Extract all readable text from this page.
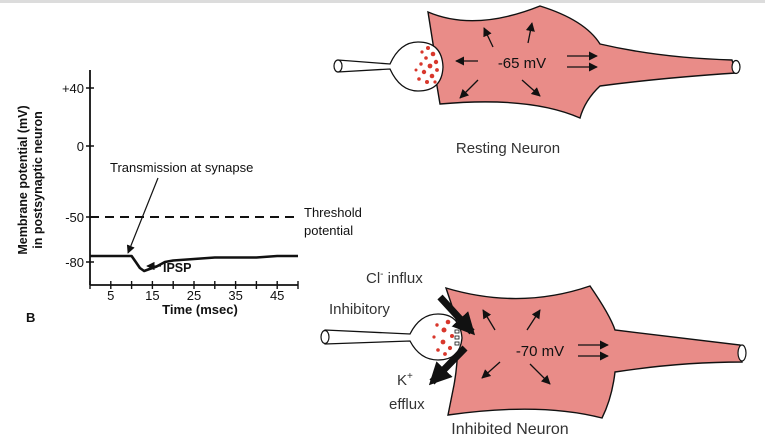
B
Membrane potential (mV) in postsynaptic neuron
+40
0
-50
-80
5 15 25 35 45
Time (msec)
Threshold
potential
Transmission at synapse
IPSP
-65 mV
Resting Neuron
-70 mV
Cl- influx
Inhibitory
K+
efflux
Inhibited Neuron
